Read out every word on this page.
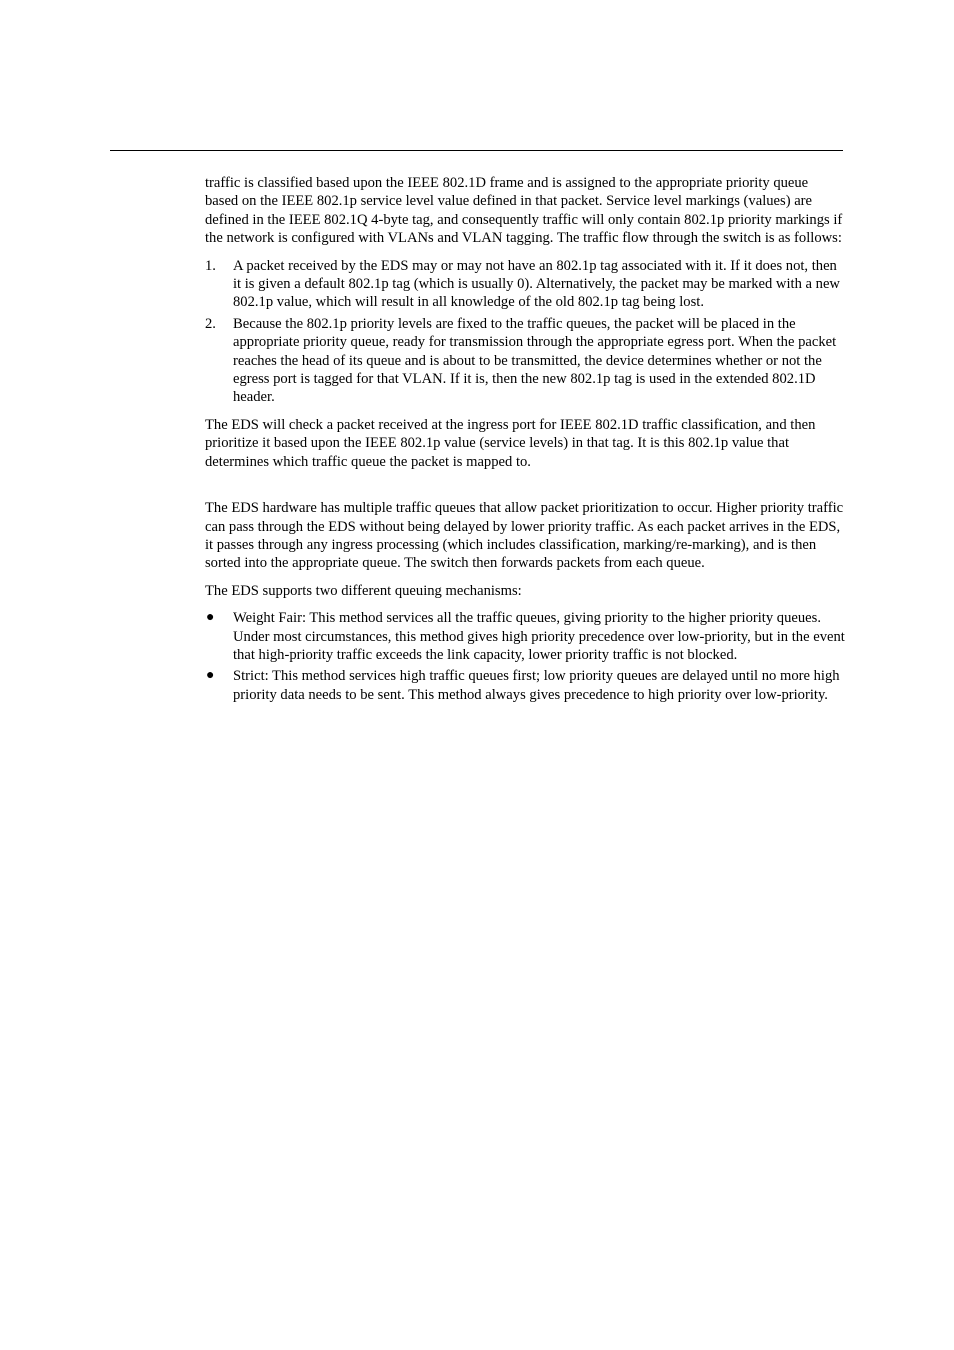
traffic is classified based upon the IEEE 802.1D frame and is assigned to the appropriate priority queue based on the IEEE 802.1p service level value defined in that packet. Service level markings (values) are defined in the IEEE 802.1Q 4-byte tag, and consequently traffic will only contain 802.1p priority markings if the network is configured with VLANs and VLAN tagging. The traffic flow through the switch is as follows:

1. A packet received by the EDS may or may not have an 802.1p tag associated with it. If it does not, then it is given a default 802.1p tag (which is usually 0). Alternatively, the packet may be marked with a new 802.1p value, which will result in all knowledge of the old 802.1p tag being lost.
2. Because the 802.1p priority levels are fixed to the traffic queues, the packet will be placed in the appropriate priority queue, ready for transmission through the appropriate egress port. When the packet reaches the head of its queue and is about to be transmitted, the device determines whether or not the egress port is tagged for that VLAN. If it is, then the new 802.1p tag is used in the extended 802.1D header.

The EDS will check a packet received at the ingress port for IEEE 802.1D traffic classification, and then prioritize it based upon the IEEE 802.1p value (service levels) in that tag. It is this 802.1p value that determines which traffic queue the packet is mapped to.

The EDS hardware has multiple traffic queues that allow packet prioritization to occur. Higher priority traffic can pass through the EDS without being delayed by lower priority traffic. As each packet arrives in the EDS, it passes through any ingress processing (which includes classification, marking/re-marking), and is then sorted into the appropriate queue. The switch then forwards packets from each queue.

The EDS supports two different queuing mechanisms:

● Weight Fair: This method services all the traffic queues, giving priority to the higher priority queues. Under most circumstances, this method gives high priority precedence over low-priority, but in the event that high-priority traffic exceeds the link capacity, lower priority traffic is not blocked.
● Strict: This method services high traffic queues first; low priority queues are delayed until no more high priority data needs to be sent. This method always gives precedence to high priority over low-priority.
